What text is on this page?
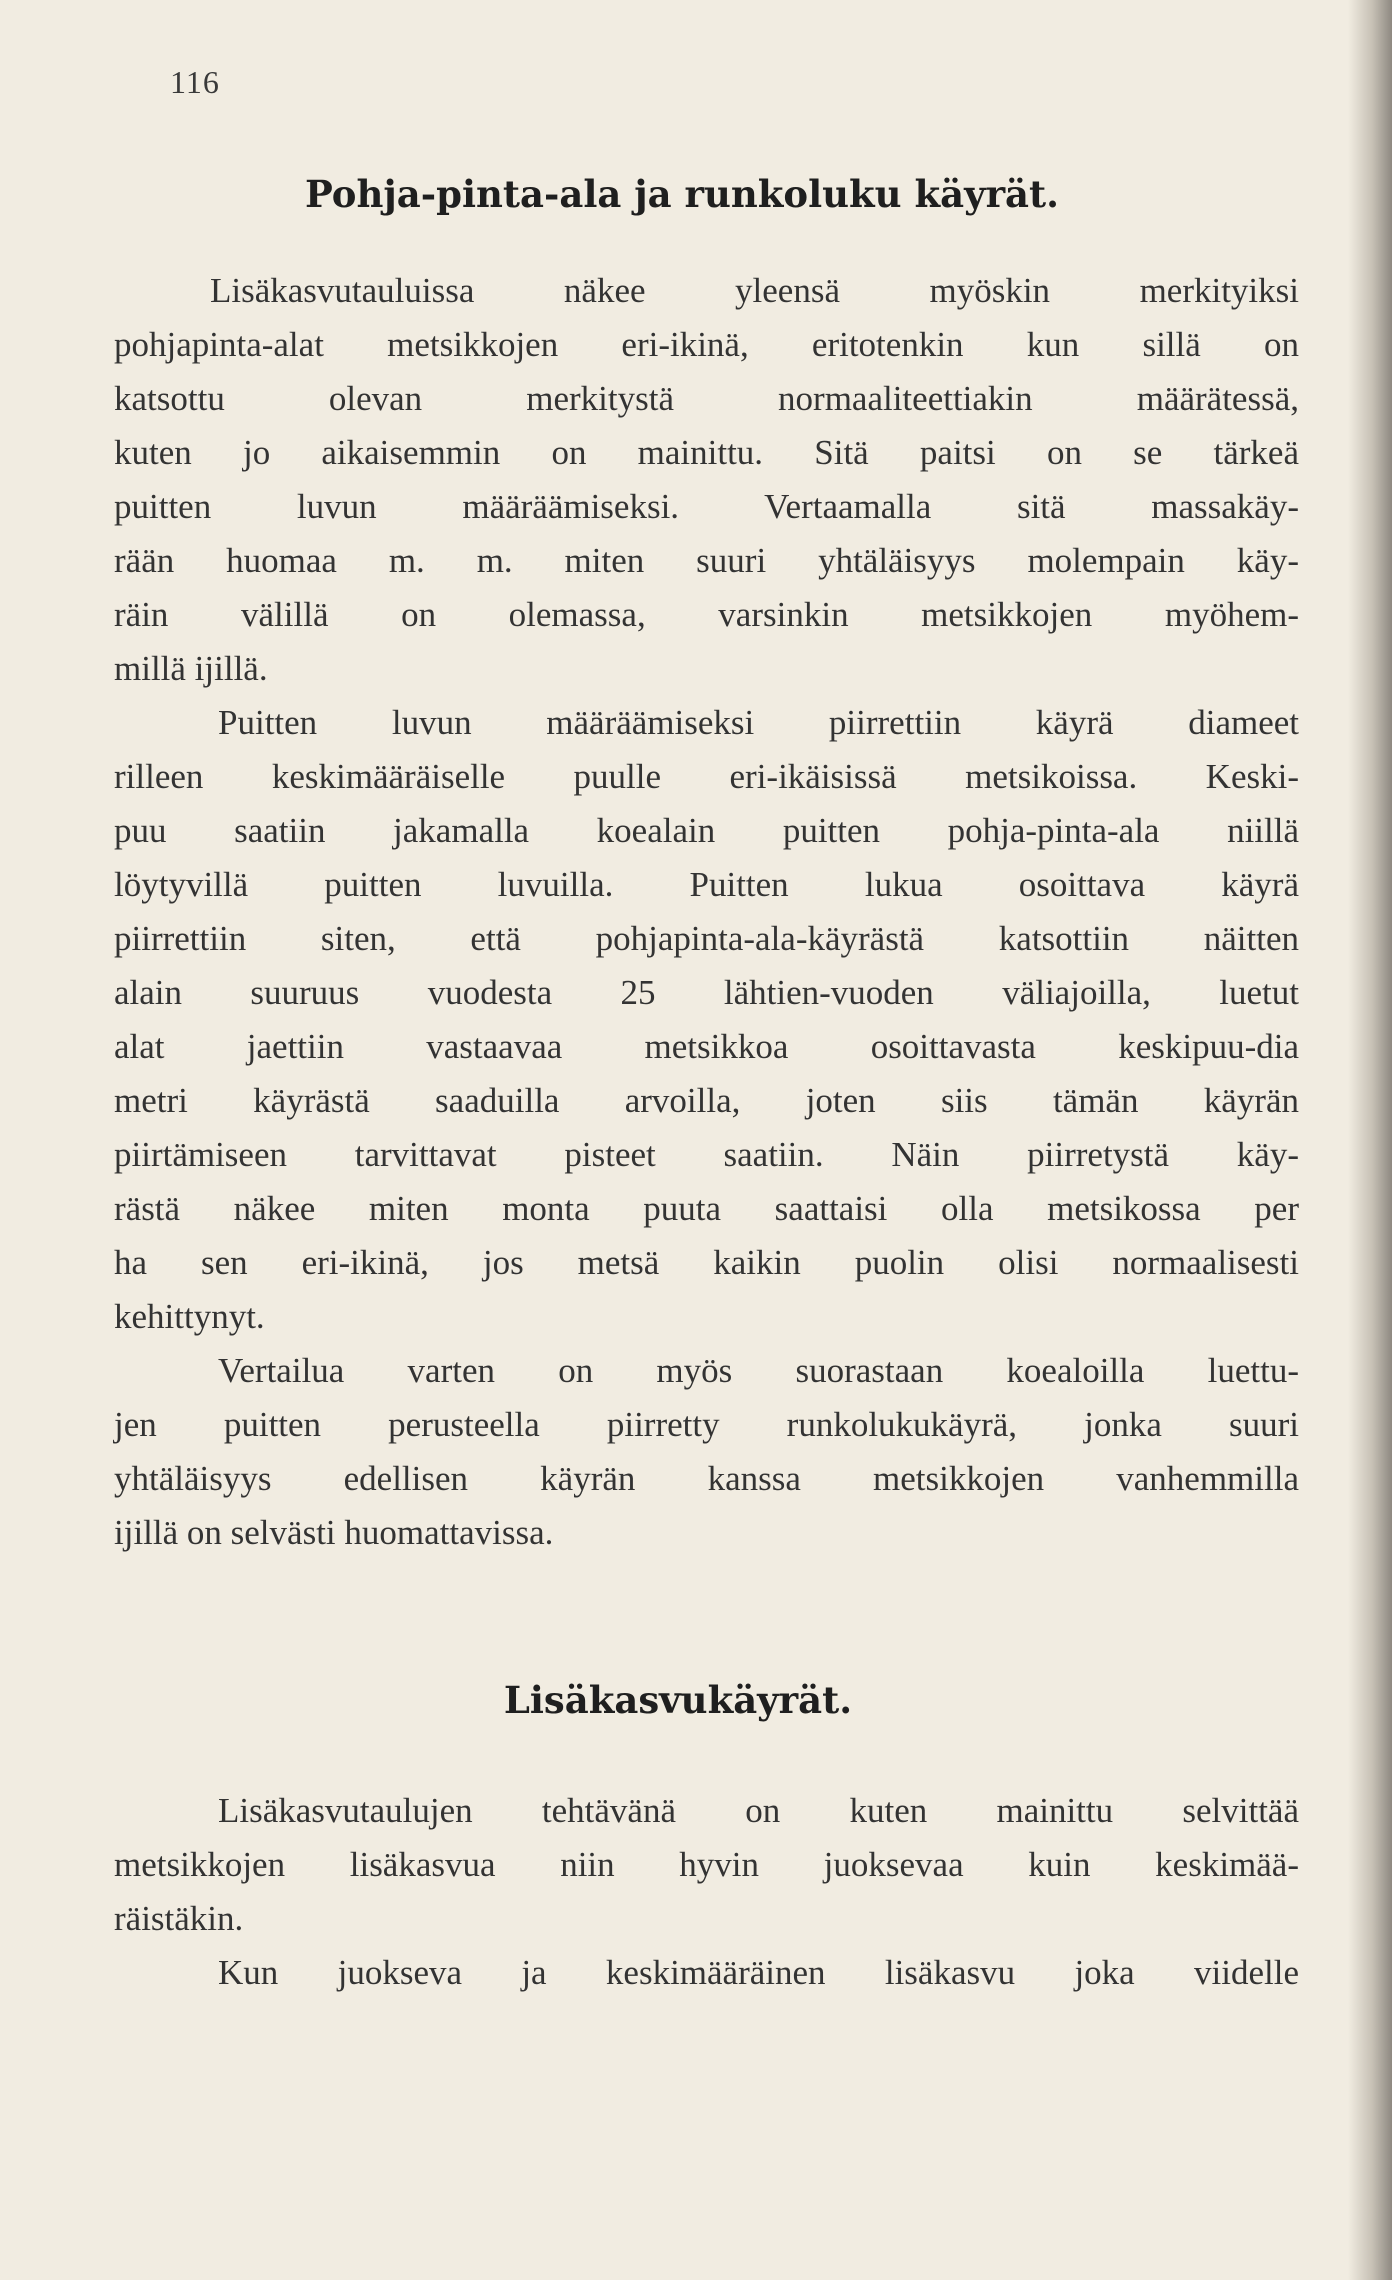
116
Pohja-pinta-ala ja runkoluku käyrät.
Lisäkasvutauluissa näkee yleensä myöskin merkityiksi
pohjapinta-alat metsikkojen eri-ikinä, eritotenkin kun sillä on
katsottu olevan merkitystä normaaliteettiakin määrätessä,
kuten jo aikaisemmin on mainittu. Sitä paitsi on se tärkeä
puitten luvun määräämiseksi. Vertaamalla sitä massakäy-
rään huomaa m. m. miten suuri yhtäläisyys molempain käy-
räin välillä on olemassa, varsinkin metsikkojen myöhem-
millä ijillä.
Puitten luvun määräämiseksi piirrettiin käyrä diameet
rilleen keskimääräiselle puulle eri-ikäisissä metsikoissa. Keski-
puu saatiin jakamalla koealain puitten pohja-pinta-ala niillä
löytyvillä puitten luvuilla. Puitten lukua osoittava käyrä
piirrettiin siten, että pohjapinta-ala-käyrästä katsottiin näitten
alain suuruus vuodesta 25 lähtien-vuoden väliajoilla, luetut
alat jaettiin vastaavaa metsikkoa osoittavasta keskipuu-dia
metri käyrästä saaduilla arvoilla, joten siis tämän käyrän
piirtämiseen tarvittavat pisteet saatiin. Näin piirretystä käy-
rästä näkee miten monta puuta saattaisi olla metsikossa per
ha sen eri-ikinä, jos metsä kaikin puolin olisi normaalisesti
kehittynyt.
Vertailua varten on myös suorastaan koealoilla luettu-
jen puitten perusteella piirretty runkolukukäyrä, jonka suuri
yhtäläisyys edellisen käyrän kanssa metsikkojen vanhemmilla
ijillä on selvästi huomattavissa.
Lisäkasvukäyrät.
Lisäkasvutaulujen tehtävänä on kuten mainittu selvittää
metsikkojen lisäkasvua niin hyvin juoksevaa kuin keskimää-
räistäkin.
Kun juokseva ja keskimääräinen lisäkasvu joka viidelle
